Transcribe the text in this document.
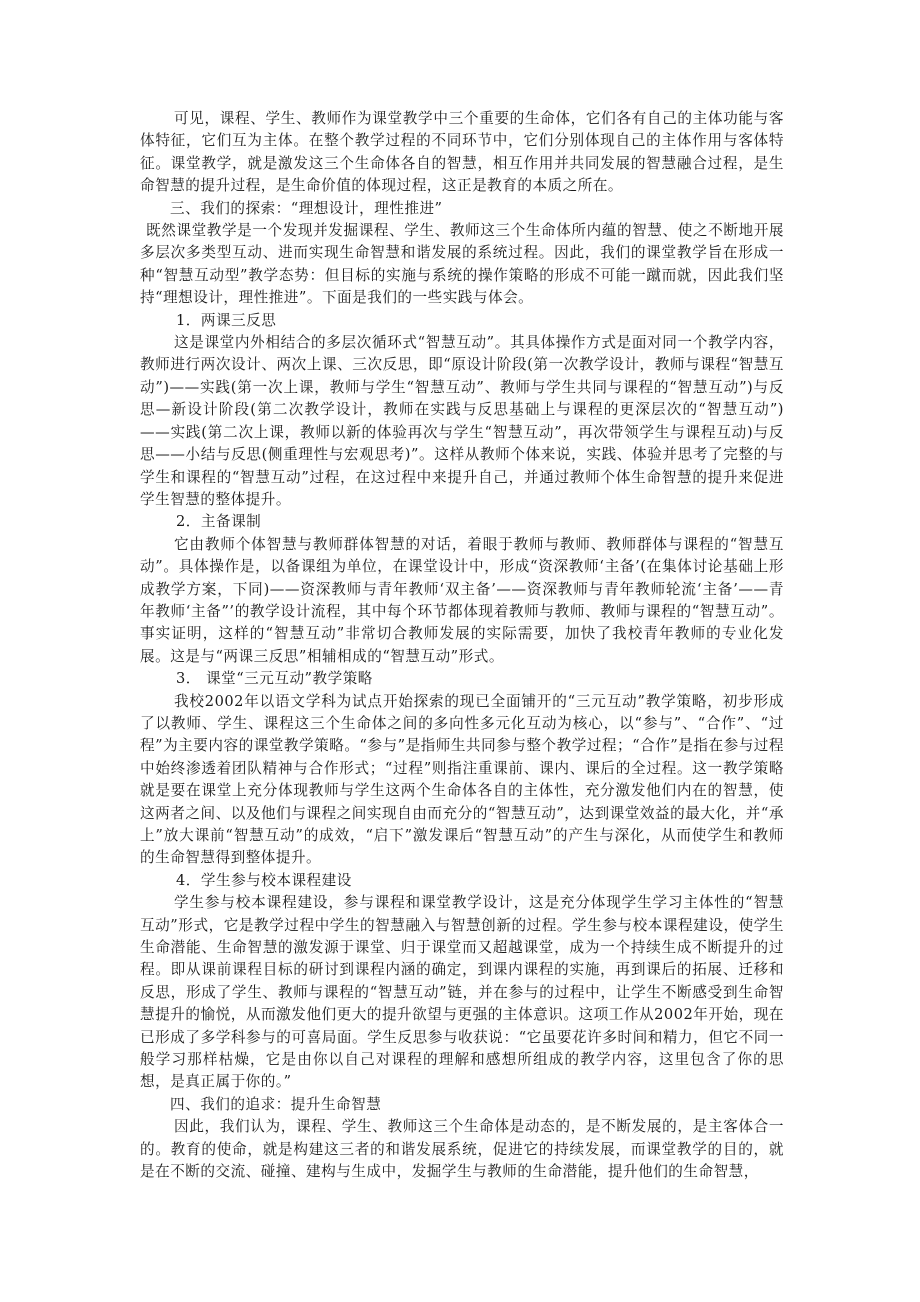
可见，课程、学生、教师作为课堂教学中三个重要的生命体，它们各有自己的主体功能与客体特征，它们互为主体。在整个教学过程的不同环节中，它们分别体现自己的主体作用与客体特征。课堂教学，就是激发这三个生命体各自的智慧，相互作用并共同发展的智慧融合过程，是生命智慧的提升过程，是生命价值的体现过程，这正是教育的本质之所在。

三、我们的探索：“理想设计，理性推进”

既然课堂教学是一个发现并发掘课程、学生、教师这三个生命体所内蕴的智慧、使之不断地开展多层次多类型互动、进而实现生命智慧和谐发展的系统过程。因此，我们的课堂教学旨在形成一种“智慧互动型”教学态势：但目标的实施与系统的操作策略的形成不可能一蹴而就，因此我们坚持“理想设计，理性推进”。下面是我们的一些实践与体会。

1．两课三反思

这是课堂内外相结合的多层次循环式“智慧互动”。其具体操作方式是面对同一个教学内容，教师进行两次设计、两次上课、三次反思，即“原设计阶段(第一次教学设计，教师与课程“智慧互动”)——实践(第一次上课，教师与学生“智慧互动”、教师与学生共同与课程的“智慧互动”)与反思—新设计阶段(第二次教学设计，教师在实践与反思基础上与课程的更深层次的“智慧互动”)——实践(第二次上课，教师以新的体验再次与学生“智慧互动”，再次带领学生与课程互动)与反思——小结与反思(侧重理性与宏观思考)”。这样从教师个体来说，实践、体验并思考了完整的与学生和课程的“智慧互动”过程，在这过程中来提升自己，并通过教师个体生命智慧的提升来促进学生智慧的整体提升。

2．主备课制

它由教师个体智慧与教师群体智慧的对话，着眼于教师与教师、教师群体与课程的“智慧互动”。具体操作是，以备课组为单位，在课堂设计中，形成“资深教师‘主备’(在集体讨论基础上形成教学方案，下同)——资深教师与青年教师‘双主备’——资深教师与青年教师轮流‘主备’——青年教师‘主备”’的教学设计流程，其中每个环节都体现着教师与教师、教师与课程的“智慧互动”。事实证明，这样的“智慧互动”非常切合教师发展的实际需要，加快了我校青年教师的专业化发展。这是与“两课三反思”相辅相成的“智慧互动”形式。

3． 课堂“三元互动”教学策略

我校2002年以语文学科为试点开始探索的现已全面铺开的“三元互动”教学策略，初步形成了以教师、学生、课程这三个生命体之间的多向性多元化互动为核心，以“参与”、“合作”、“过程”为主要内容的课堂教学策略。“参与”是指师生共同参与整个教学过程；“合作”是指在参与过程中始终渗透着团队精神与合作形式；“过程”则指注重课前、课内、课后的全过程。这一教学策略就是要在课堂上充分体现教师与学生这两个生命体各自的主体性，充分激发他们内在的智慧，使这两者之间、以及他们与课程之间实现自由而充分的“智慧互动”，达到课堂效益的最大化，并“承上”放大课前“智慧互动”的成效，“启下”激发课后“智慧互动”的产生与深化，从而使学生和教师的生命智慧得到整体提升。

4．学生参与校本课程建设

学生参与校本课程建设，参与课程和课堂教学设计，这是充分体现学生学习主体性的“智慧互动”形式，它是教学过程中学生的智慧融入与智慧创新的过程。学生参与校本课程建设，使学生生命潜能、生命智慧的激发源于课堂、归于课堂而又超越课堂，成为一个持续生成不断提升的过程。即从课前课程目标的研讨到课程内涵的确定，到课内课程的实施，再到课后的拓展、迁移和反思，形成了学生、教师与课程的“智慧互动”链，并在参与的过程中，让学生不断感受到生命智慧提升的愉悦，从而激发他们更大的提升欲望与更强的主体意识。这项工作从2002年开始，现在已形成了多学科参与的可喜局面。学生反思参与收获说：“它虽要花许多时间和精力，但它不同一般学习那样枯燥，它是由你以自己对课程的理解和感想所组成的教学内容，这里包含了你的思想，是真正属于你的。”

四、我们的追求：提升生命智慧

因此，我们认为，课程、学生、教师这三个生命体是动态的，是不断发展的，是主客体合一的。教育的使命，就是构建这三者的和谐发展系统，促进它的持续发展，而课堂教学的目的，就是在不断的交流、碰撞、建构与生成中，发掘学生与教师的生命潜能，提升他们的生命智慧，
